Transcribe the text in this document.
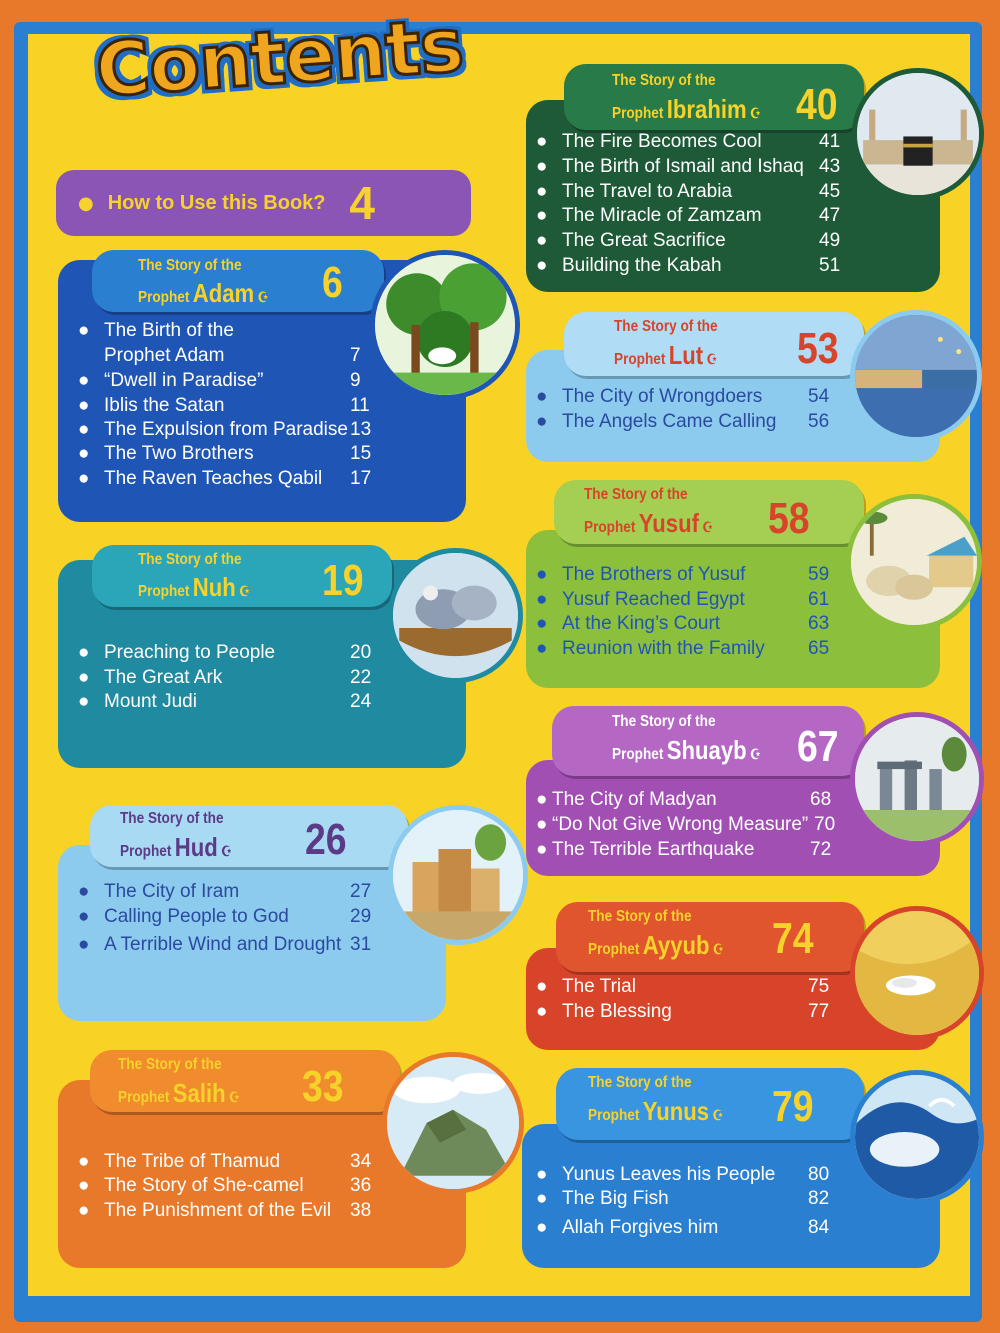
Contents
● How to Use this Book? 4
The Story of the
Prophet Adam ☪ 6
● The Birth of the
Prophet Adam	7
● “Dwell in Paradise”	9
● Iblis the Satan	11
● The Expulsion from Paradise 13
● The Two Brothers	15
● The Raven Teaches Qabil 17
The Story of the
Prophet Nuh ☪ 19
● Preaching to People	20
● The Great Ark	22
● Mount Judi	24
The Story of the
Prophet Hud ☪ 26
● The City of Iram	27
● Calling People to God	29
● A Terrible Wind and Drought 31
The Story of the
Prophet Salih ☪ 33
● The Tribe of Thamud	34
● The Story of She-camel 36
● The Punishment of the Evil 38
The Story of the
Prophet Ibrahim ☪ 40
● The Fire Becomes Cool	41
● The Birth of Ismail and Ishaq 43
● The Travel to Arabia	45
● The Miracle of Zamzam	47
● The Great Sacrifice	49
● Building the Kabah	51
The Story of the
Prophet Lut ☪ 53
● The City of Wrongdoers 54
● The Angels Came Calling 56
The Story of the
Prophet Yusuf ☪ 58
● The Brothers of Yusuf	59
● Yusuf Reached Egypt	61
● At the King’s Court	63
● Reunion with the Family 65
The Story of the
Prophet Shuayb ☪ 67
● The City of Madyan	68
● “Do Not Give Wrong Measure” 70
● The Terrible Earthquake	72
The Story of the
Prophet Ayyub ☪ 74
● The Trial	75
● The Blessing	77
The Story of the
Prophet Yunus ☪ 79
● Yunus Leaves his People 80
● The Big Fish	82
● Allah Forgives him	84
